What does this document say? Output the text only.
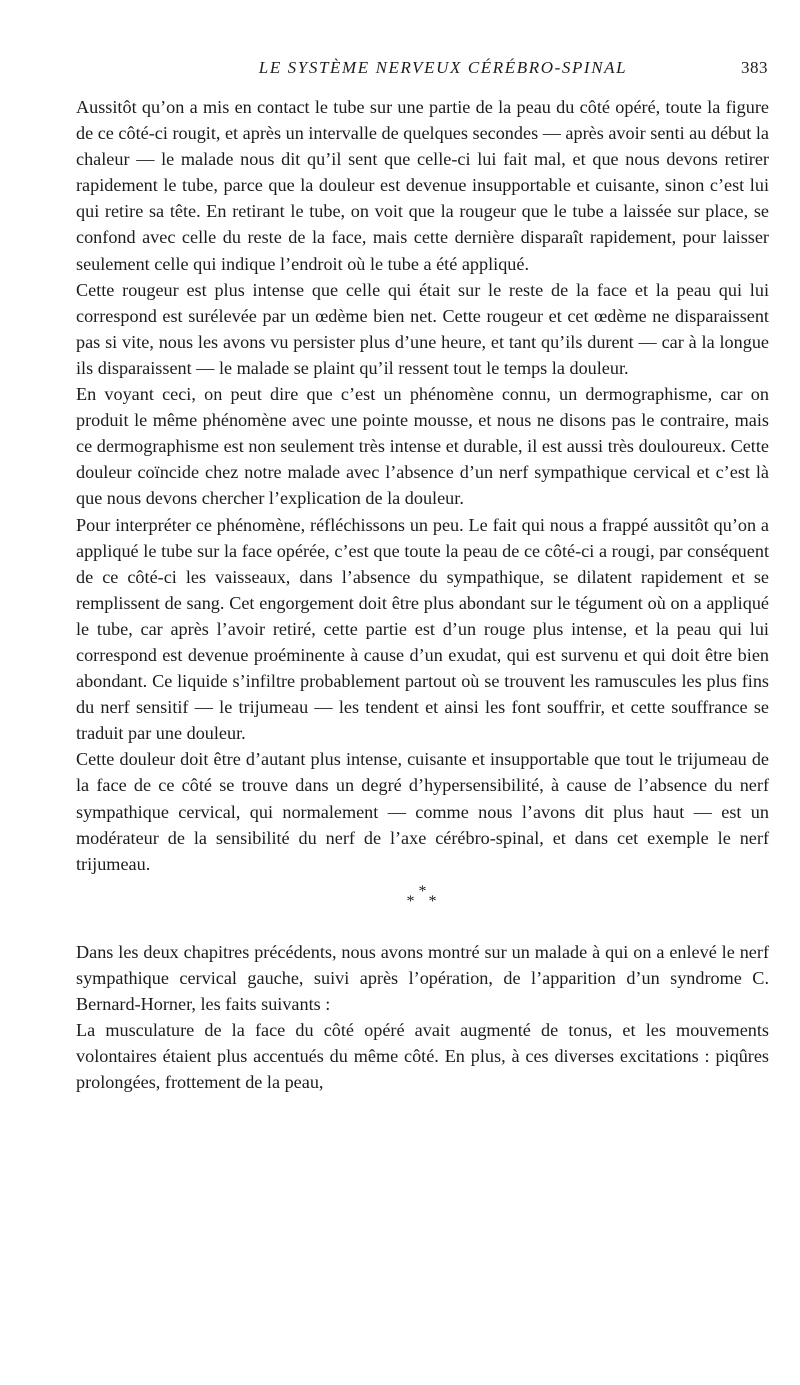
LE SYSTÈME NERVEUX CÉRÉBRO-SPINAL	383

Aussitôt qu’on a mis en contact le tube sur une partie de la peau du côté opéré, toute la figure de ce côté-ci rougit, et après un intervalle de quelques secondes — après avoir senti au début la chaleur — le malade nous dit qu’il sent que celle-ci lui fait mal, et que nous devons retirer rapidement le tube, parce que la douleur est devenue insupportable et cuisante, sinon c’est lui qui retire sa tête. En retirant le tube, on voit que la rougeur que le tube a laissée sur place, se confond avec celle du reste de la face, mais cette dernière disparaît rapidement, pour laisser seulement celle qui indique l’endroit où le tube a été appliqué.

Cette rougeur est plus intense que celle qui était sur le reste de la face et la peau qui lui correspond est surélevée par un œdème bien net. Cette rougeur et cet œdème ne disparaissent pas si vite, nous les avons vu persister plus d’une heure, et tant qu’ils durent — car à la longue ils disparaissent — le malade se plaint qu’il ressent tout le temps la douleur.

En voyant ceci, on peut dire que c’est un phénomène connu, un dermographisme, car on produit le même phénomène avec une pointe mousse, et nous ne disons pas le contraire, mais ce dermographisme est non seulement très intense et durable, il est aussi très douloureux. Cette douleur coïncide chez notre malade avec l’absence d’un nerf sympathique cervical et c’est là que nous devons chercher l’explication de la douleur.

Pour interpréter ce phénomène, réfléchissons un peu. Le fait qui nous a frappé aussitôt qu’on a appliqué le tube sur la face opérée, c’est que toute la peau de ce côté-ci a rougi, par conséquent de ce côté-ci les vaisseaux, dans l’absence du sympathique, se dilatent rapidement et se remplissent de sang. Cet engorgement doit être plus abondant sur le tégument où on a appliqué le tube, car après l’avoir retiré, cette partie est d’un rouge plus intense, et la peau qui lui correspond est devenue proéminente à cause d’un exudat, qui est survenu et qui doit être bien abondant. Ce liquide s’infiltre probablement partout où se trouvent les ramuscules les plus fins du nerf sensitif — le trijumeau — les tendent et ainsi les font souffrir, et cette souffrance se traduit par une douleur.

Cette douleur doit être d’autant plus intense, cuisante et insupportable que tout le trijumeau de la face de ce côté se trouve dans un degré d’hypersensibilité, à cause de l’absence du nerf sympathique cervical, qui normalement — comme nous l’avons dit plus haut — est un modérateur de la sensibilité du nerf de l’axe cérébro-spinal, et dans cet exemple le nerf trijumeau.

*
* *

Dans les deux chapitres précédents, nous avons montré sur un malade à qui on a enlevé le nerf sympathique cervical gauche, suivi après l’opération, de l’apparition d’un syndrome C. Bernard-Horner, les faits suivants :

La musculature de la face du côté opéré avait augmenté de tonus, et les mouvements volontaires étaient plus accentués du même côté. En plus, à ces diverses excitations : piqûres prolongées, frottement de la peau,
